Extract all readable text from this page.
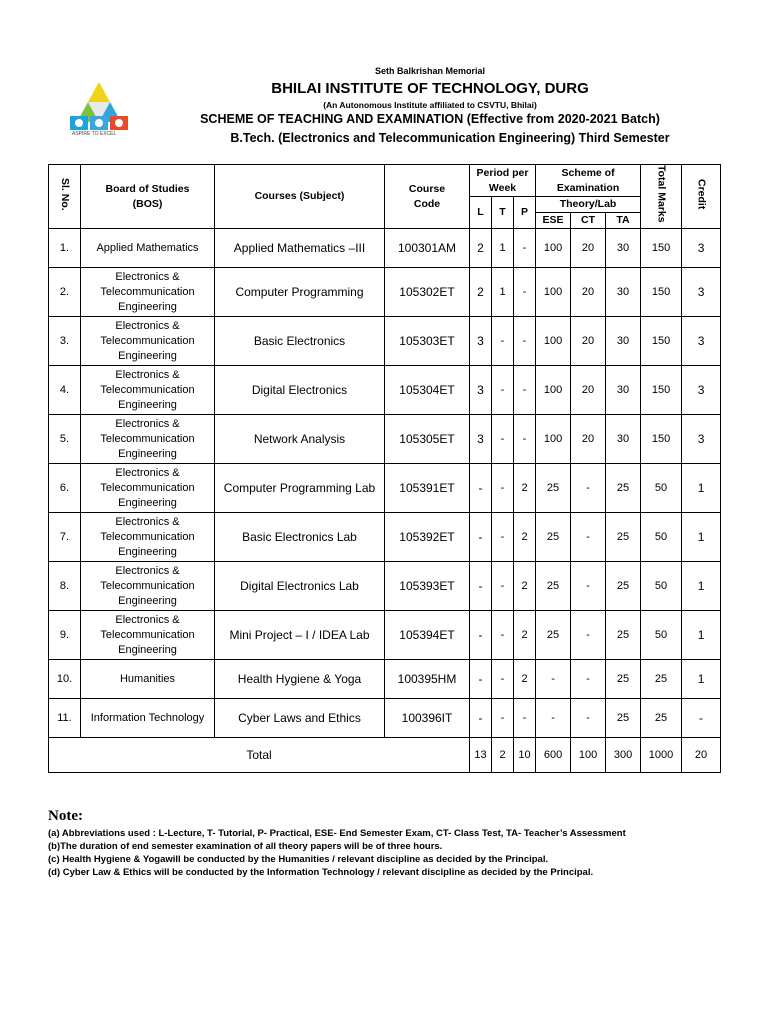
ASPIRE TO EXCEL
Seth Balkrishan Memorial
BHILAI INSTITUTE OF TECHNOLOGY, DURG
(An Autonomous Institute affiliated to CSVTU, Bhilai)
SCHEME OF TEACHING AND EXAMINATION (Effective from 2020-2021 Batch)
B.Tech. (Electronics and Telecommunication Engineering) Third Semester
Sl. No.	Board of Studies (BOS)	Courses (Subject)	Course Code	Period per Week			Scheme of Examination			Total Marks	Credit
				L	T	P	Theory/Lab				
							ESE	CT	TA		
1.	Applied Mathematics	Applied Mathematics –III	100301AM	2	1	-	100	20	30	150	3
2.	Electronics & Telecommunication Engineering	Computer Programming	105302ET	2	1	-	100	20	30	150	3
3.	Electronics & Telecommunication Engineering	Basic Electronics	105303ET	3	-	-	100	20	30	150	3
4.	Electronics & Telecommunication Engineering	Digital Electronics	105304ET	3	-	-	100	20	30	150	3
5.	Electronics & Telecommunication Engineering	Network Analysis	105305ET	3	-	-	100	20	30	150	3
6.	Electronics & Telecommunication Engineering	Computer Programming Lab	105391ET	-	-	2	25	-	25	50	1
7.	Electronics & Telecommunication Engineering	Basic Electronics Lab	105392ET	-	-	2	25	-	25	50	1
8.	Electronics & Telecommunication Engineering	Digital Electronics Lab	105393ET	-	-	2	25	-	25	50	1
9.	Electronics & Telecommunication Engineering	Mini Project – I / IDEA Lab	105394ET	-	-	2	25	-	25	50	1
10.	Humanities	Health Hygiene & Yoga	100395HM	-	-	2	-	-	25	25	1
11.	Information Technology	Cyber Laws and Ethics	100396IT	-	-	-	-	-	25	25	-
Total				13	2	10	600	100	300	1000	20
Note:
(a) Abbreviations used : L-Lecture, T- Tutorial, P- Practical, ESE- End Semester Exam, CT- Class Test, TA- Teacher’s Assessment
(b)The duration of end semester examination of all theory papers will be of three hours.
(c) Health Hygiene & Yogawill be conducted by the Humanities / relevant discipline as decided by the Principal.
(d) Cyber Law & Ethics will be conducted by the Information Technology / relevant discipline as decided by the Principal.
